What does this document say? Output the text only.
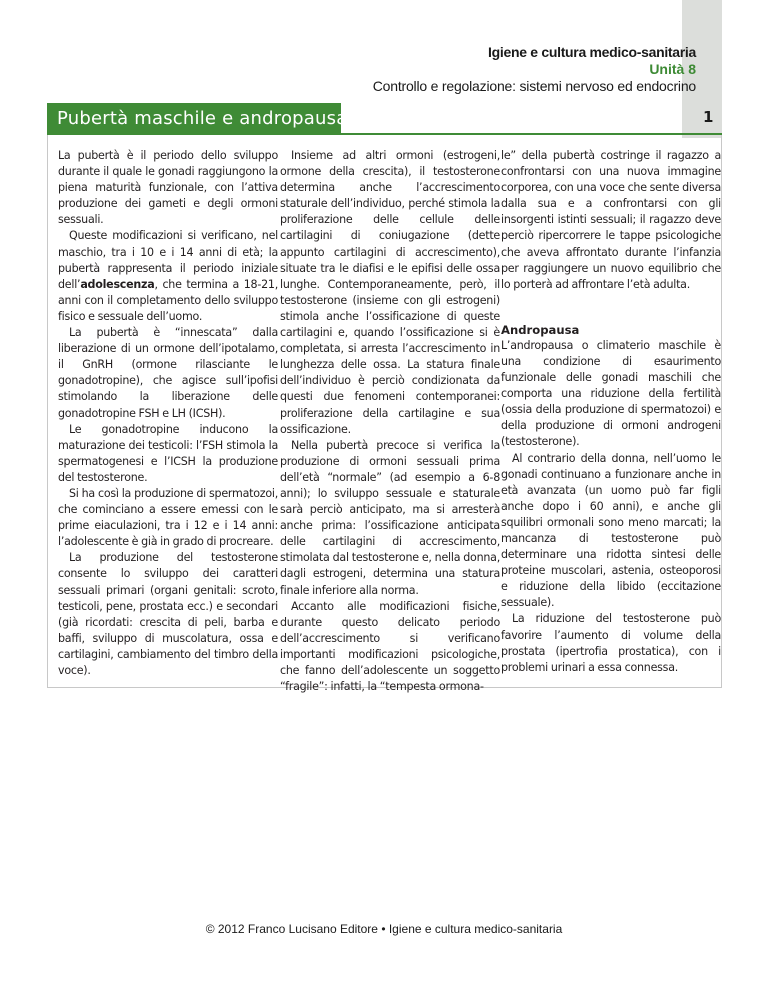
Igiene e cultura medico-sanitaria
Unità 8
Controllo e regolazione: sistemi nervoso ed endocrino
Pubertà maschile e andropausa	1

La pubertà è il periodo dello sviluppo durante il quale le gonadi raggiungono la piena maturità funzionale, con l’attiva produzione dei gameti e degli ormoni sessuali.

Queste modificazioni si verificano, nel maschio, tra i 10 e i 14 anni di età; la pubertà rappresenta il periodo iniziale dell’adolescenza, che termina a 18-21, anni con il completamento dello sviluppo fisico e sessuale dell’uomo.

La pubertà è “innescata” dalla liberazione di un ormone dell’ipotalamo, il GnRH (ormone rilasciante le gonadotropine), che agisce sull’ipofisi stimolando la liberazione delle gonadotropine FSH e LH (ICSH).

Le gonadotropine inducono la maturazione dei testicoli: l’FSH stimola la spermatogenesi e l’ICSH la produzione del testosterone.

Si ha così la produzione di spermatozoi, che cominciano a essere emessi con le prime eiaculazioni, tra i 12 e i 14 anni: l’adolescente è già in grado di procreare.

La produzione del testosterone consente lo sviluppo dei caratteri sessuali primari (organi genitali: scroto, testicoli, pene, prostata ecc.) e secondari (già ricordati: crescita di peli, barba e baffi, sviluppo di muscolatura, ossa e cartilagini, cambiamento del timbro della voce).

Insieme ad altri ormoni (estrogeni, ormone della crescita), il testosterone determina anche l’accrescimento staturale dell’individuo, perché stimola la proliferazione delle cellule delle cartilagini di coniugazione (dette appunto cartilagini di accrescimento), situate tra le diafisi e le epifisi delle ossa lunghe. Contemporaneamente, però, il testosterone (insieme con gli estrogeni) stimola anche l’ossificazione di queste cartilagini e, quando l’ossificazione si è completata, si arresta l’accrescimento in lunghezza delle ossa. La statura finale dell’individuo è perciò condizionata da questi due fenomeni contemporanei: proliferazione della cartilagine e sua ossificazione.

Nella pubertà precoce si verifica la produzione di ormoni sessuali prima dell’età “normale” (ad esempio a 6-8 anni); lo sviluppo sessuale e staturale sarà perciò anticipato, ma si arresterà anche prima: l’ossificazione anticipata delle cartilagini di accrescimento, stimolata dal testosterone e, nella donna, dagli estrogeni, determina una statura finale inferiore alla norma.

Accanto alle modificazioni fisiche, durante questo delicato periodo dell’accrescimento si verificano importanti modificazioni psicologiche, che fanno dell’adolescente un soggetto “fragile”: infatti, la “tempesta ormona-

le” della pubertà costringe il ragazzo a confrontarsi con una nuova immagine corporea, con una voce che sente diversa dalla sua e a confrontarsi con gli insorgenti istinti sessuali; il ragazzo deve perciò ripercorrere le tappe psicologiche che aveva affrontato durante l’infanzia per raggiungere un nuovo equilibrio che lo porterà ad affrontare l’età adulta.

Andropausa

L’andropausa o climaterio maschile è una condizione di esaurimento funzionale delle gonadi maschili che comporta una riduzione della fertilità (ossia della produzione di spermatozoi) e della produzione di ormoni androgeni (testosterone).

Al contrario della donna, nell’uomo le gonadi continuano a funzionare anche in età avanzata (un uomo può far figli anche dopo i 60 anni), e anche gli squilibri ormonali sono meno marcati; la mancanza di testosterone può determinare una ridotta sintesi delle proteine muscolari, astenia, osteoporosi e riduzione della libido (eccitazione sessuale).

La riduzione del testosterone può favorire l’aumento di volume della prostata (ipertrofia prostatica), con i problemi urinari a essa connessa.

© 2012 Franco Lucisano Editore • Igiene e cultura medico-sanitaria
